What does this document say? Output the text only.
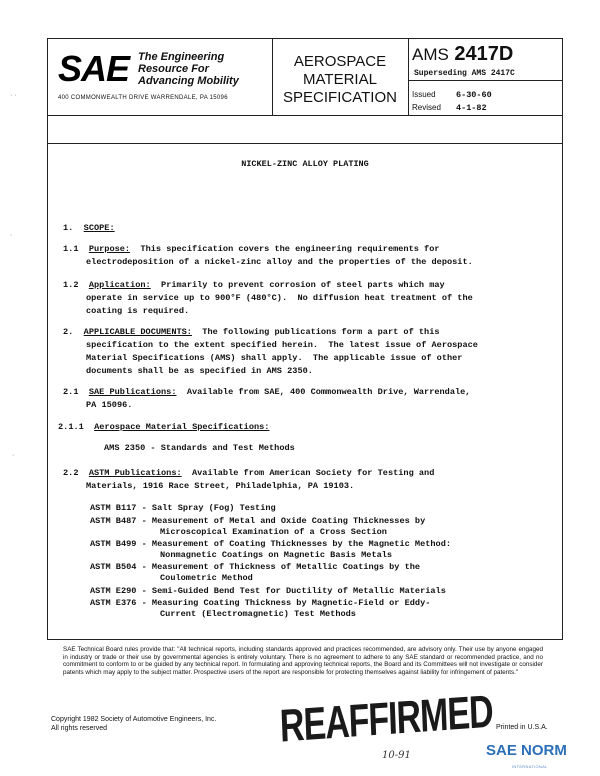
· ·
·
·
SAE The Engineering
Resource For
Advancing Mobility
400 COMMONWEALTH DRIVE WARRENDALE, PA 15096
AEROSPACE
MATERIAL
SPECIFICATION
AMS 2417D
Superseding AMS 2417C
Issued 6-30-60
Revised 4-1-82
NICKEL-ZINC ALLOY PLATING
1. SCOPE:
1.1 Purpose: This specification covers the engineering requirements for
electrodeposition of a nickel-zinc alloy and the properties of the deposit.
1.2 Application: Primarily to prevent corrosion of steel parts which may
operate in service up to 900°F (480°C).  No diffusion heat treatment of the
coating is required.
2. APPLICABLE DOCUMENTS: The following publications form a part of this
specification to the extent specified herein.  The latest issue of Aerospace
Material Specifications (AMS) shall apply.  The applicable issue of other
documents shall be as specified in AMS 2350.
2.1 SAE Publications: Available from SAE, 400 Commonwealth Drive, Warrendale,
PA 15096.
2.1.1 Aerospace Material Specifications:
AMS 2350 - Standards and Test Methods
2.2 ASTM Publications: Available from American Society for Testing and
Materials, 1916 Race Street, Philadelphia, PA 19103.
ASTM B117 - Salt Spray (Fog) Testing
ASTM B487 - Measurement of Metal and Oxide Coating Thicknesses by
Microscopical Examination of a Cross Section
ASTM B499 - Measurement of Coating Thicknesses by the Magnetic Method:
Nonmagnetic Coatings on Magnetic Basis Metals
ASTM B504 - Measurement of Thickness of Metallic Coatings by the
Coulometric Method
ASTM E290 - Semi-Guided Bend Test for Ductility of Metallic Materials
ASTM E376 - Measuring Coating Thickness by Magnetic-Field or Eddy-
Current (Electromagnetic) Test Methods
SAE Technical Board rules provide that: "All technical reports, including standards approved and practices recommended, are advisory only. Their use by anyone engaged in industry or trade or their use by governmental agencies is entirely voluntary. There is no agreement to adhere to any SAE standard or recommended practice, and no commitment to conform to or be guided by any technical report. In formulating and approving technical reports, the Board and its Committees will not investigate or consider patents which may apply to the subject matter. Prospective users of the report are responsible for protecting themselves against liability for infringement of patents."
Copyright 1982 Society of Automotive Engineers, Inc.
All rights reserved	REAFFIRMED
10-91
Printed in U.S.A.
SAE NORM
INTERNATIONAL
